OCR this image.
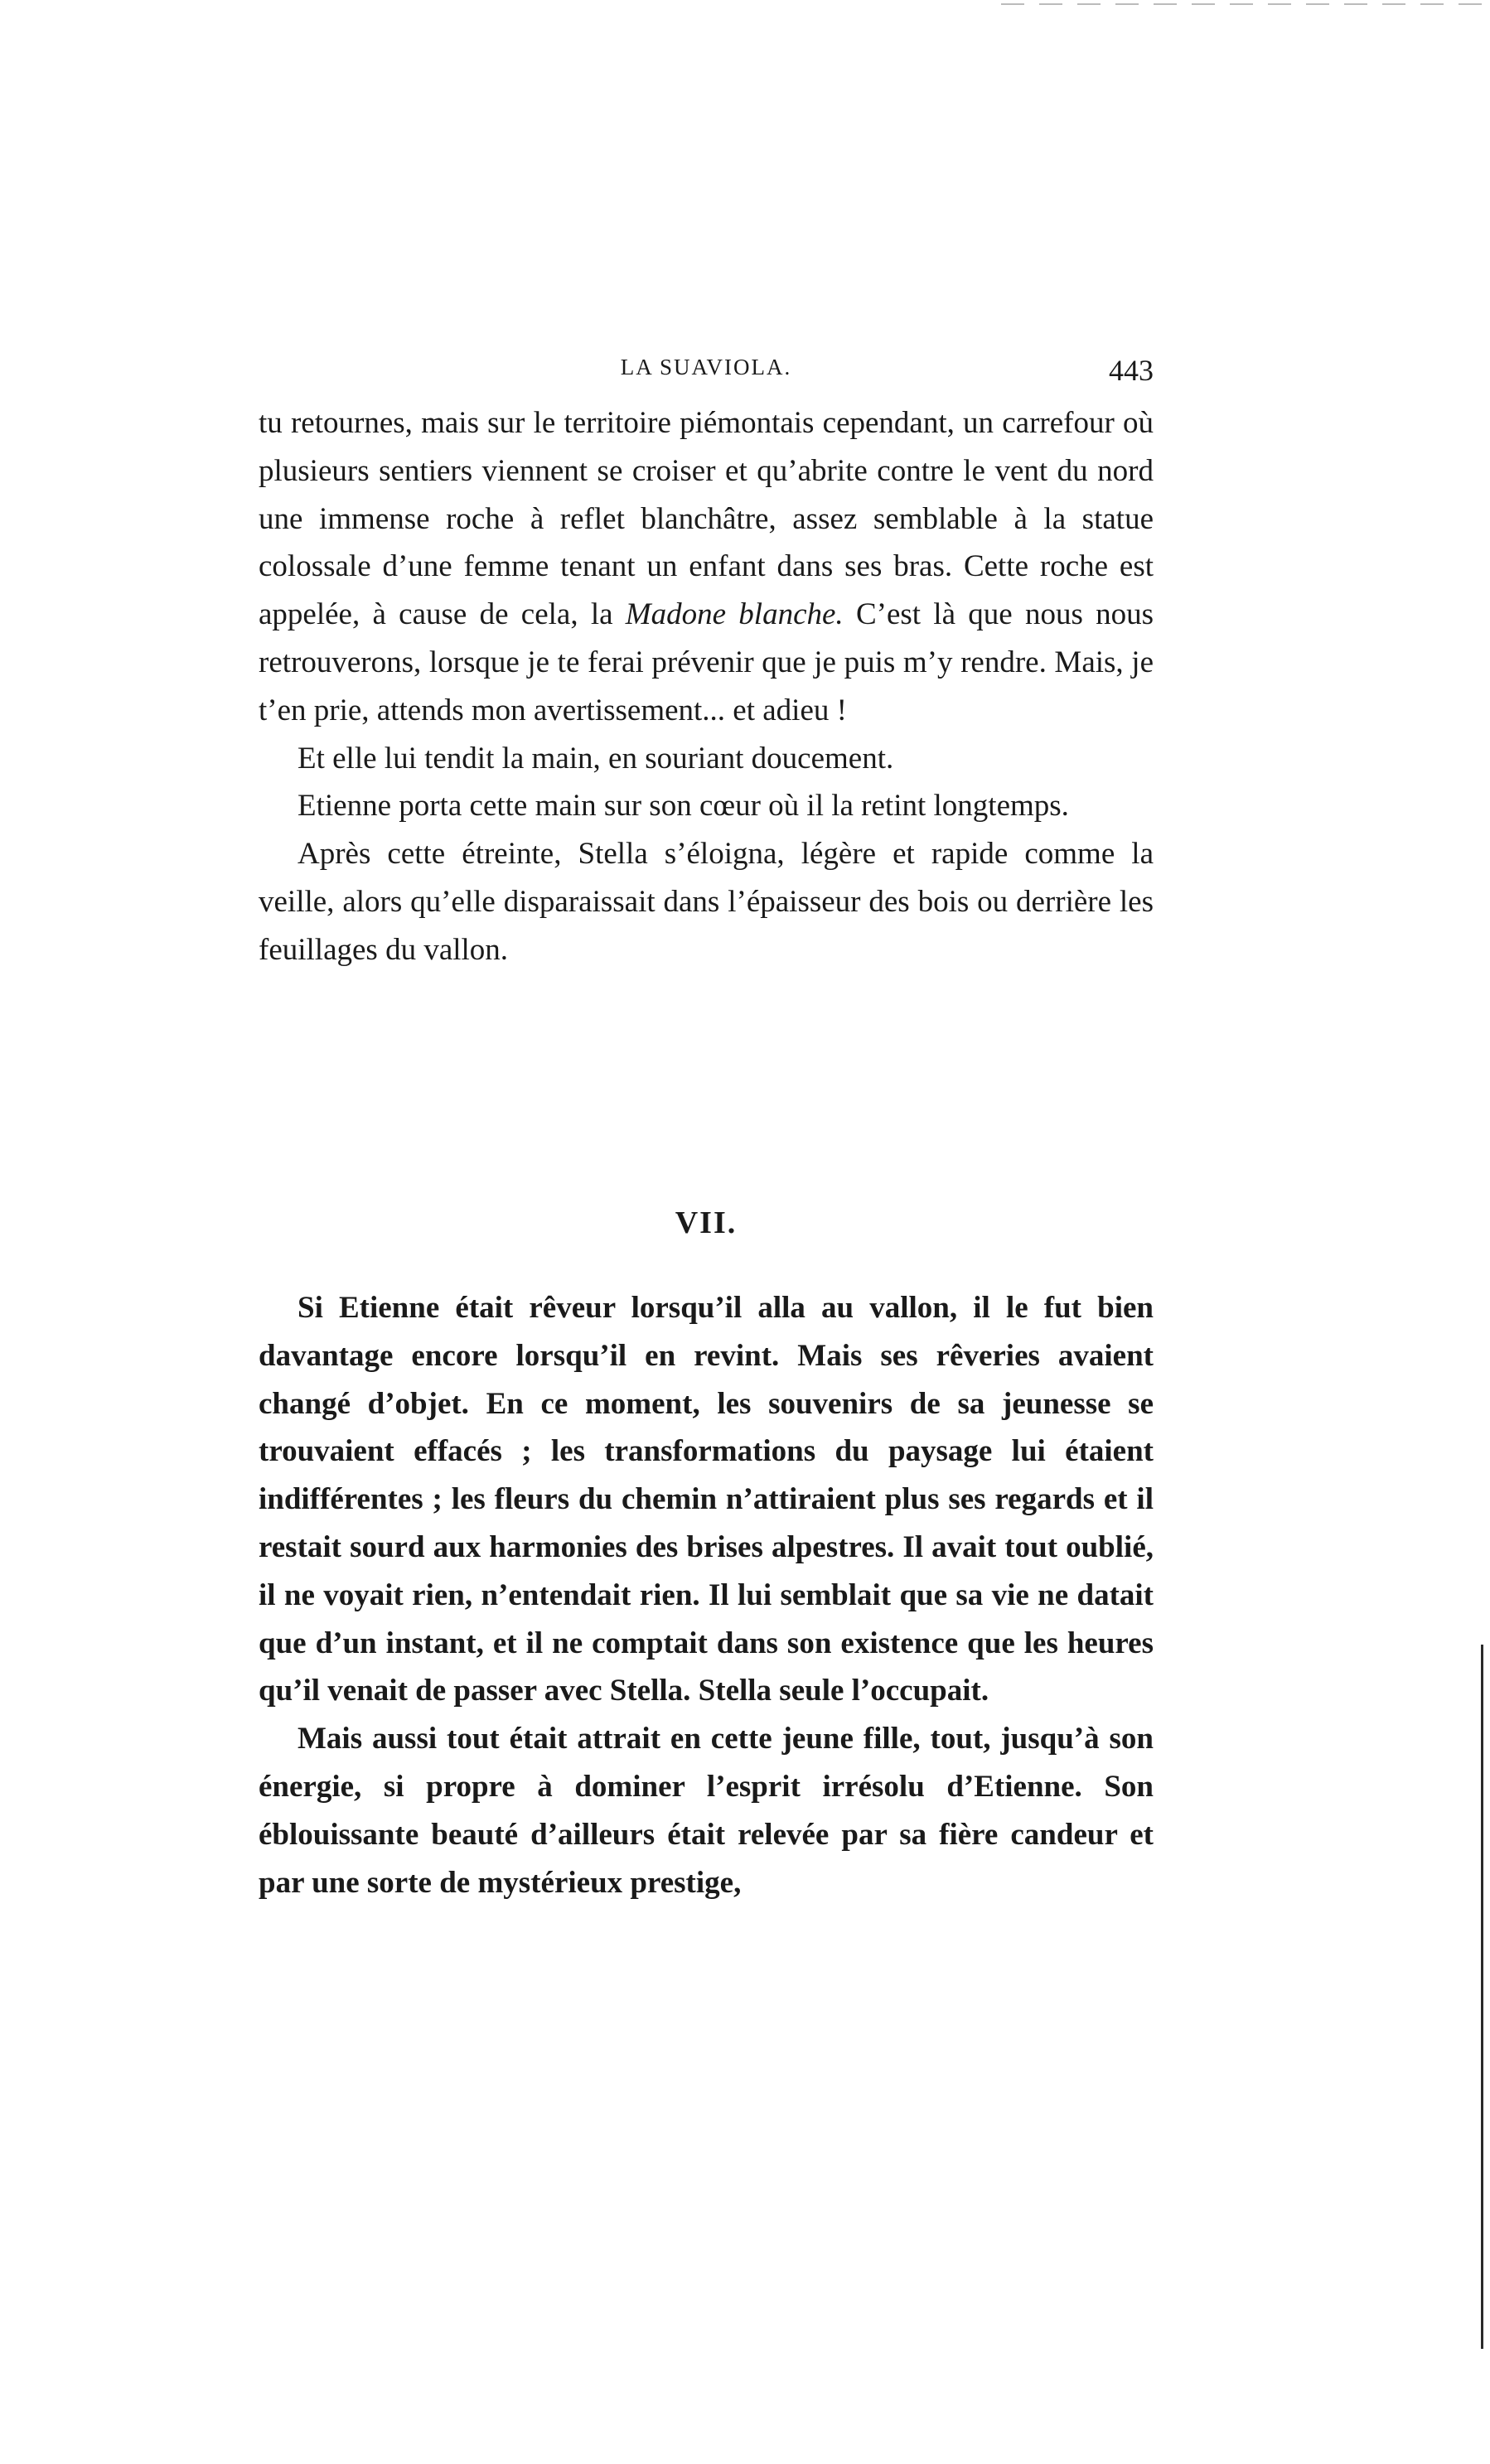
LA SUAVIOLA.	443

tu retournes, mais sur le territoire piémontais cependant, un carrefour où plusieurs sentiers viennent se croiser et qu’abrite contre le vent du nord une immense roche à reflet blanchâtre, assez semblable à la statue colossale d’une femme tenant un enfant dans ses bras. Cette roche est appelée, à cause de cela, la Madone blanche. C’est là que nous nous retrouverons, lorsque je te ferai prévenir que je puis m’y rendre. Mais, je t’en prie, attends mon avertissement... et adieu !

Et elle lui tendit la main, en souriant doucement.

Etienne porta cette main sur son cœur où il la retint longtemps.

Après cette étreinte, Stella s’éloigna, légère et rapide comme la veille, alors qu’elle disparaissait dans l’épaisseur des bois ou derrière les feuillages du vallon.

VII.

Si Etienne était rêveur lorsqu’il alla au vallon, il le fut bien davantage encore lorsqu’il en revint. Mais ses rêveries avaient changé d’objet. En ce moment, les souvenirs de sa jeunesse se trouvaient effacés ; les transformations du paysage lui étaient indifférentes ; les fleurs du chemin n’attiraient plus ses regards et il restait sourd aux harmonies des brises alpestres. Il avait tout oublié, il ne voyait rien, n’entendait rien. Il lui semblait que sa vie ne datait que d’un instant, et il ne comptait dans son existence que les heures qu’il venait de passer avec Stella. Stella seule l’occupait.

Mais aussi tout était attrait en cette jeune fille, tout, jusqu’à son énergie, si propre à dominer l’esprit irrésolu d’Etienne. Son éblouissante beauté d’ailleurs était relevée par sa fière candeur et par une sorte de mystérieux prestige,
